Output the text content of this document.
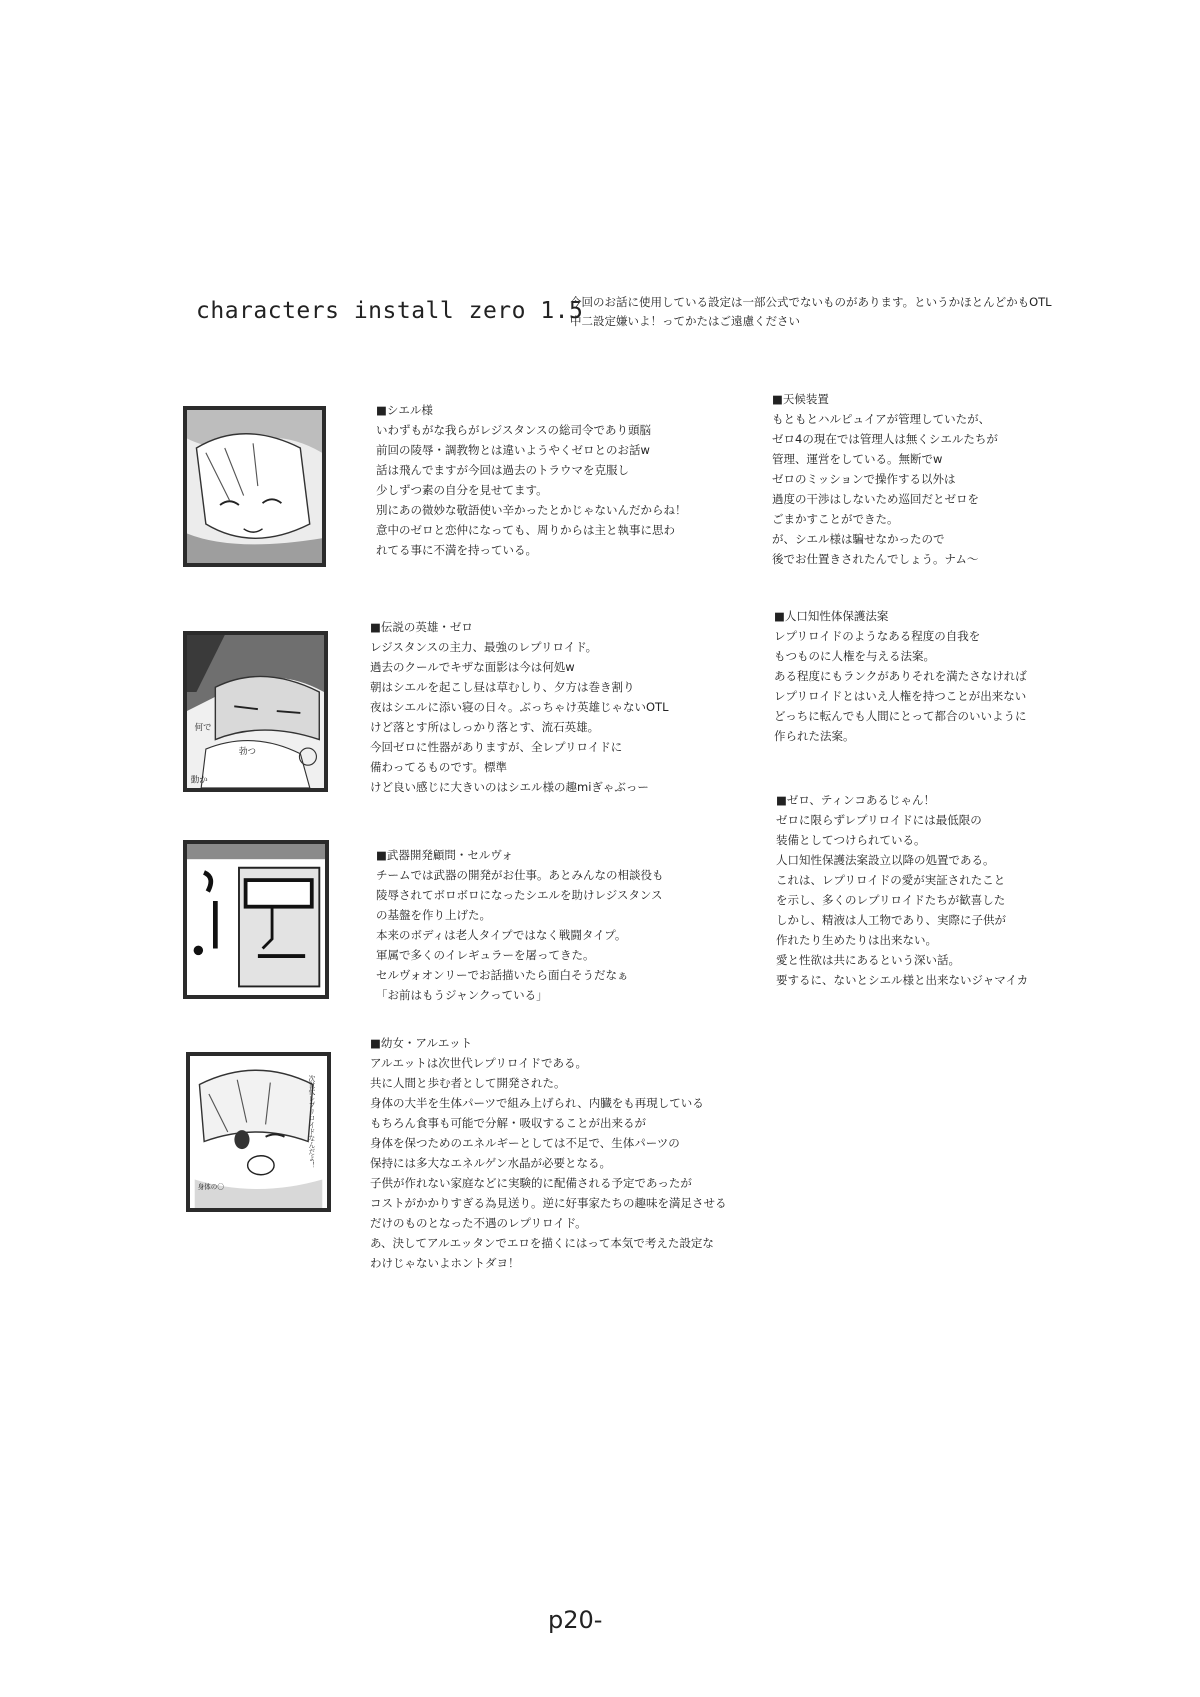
characters install zero 1.5

今回のお話に使用している設定は一部公式でないものがあります。というかほとんどかもOTL

中二設定嫌いよ！ってかたはご遠慮ください

何で
勃つ
動か
次世代レプリロイドなんだよ！
身体の〇

■シエル様

いわずもがな我らがレジスタンスの総司令であり頭脳

前回の陵辱・調教物とは違いようやくゼロとのお話w

話は飛んでますが今回は過去のトラウマを克服し

少しずつ素の自分を見せてます。

別にあの微妙な敬語使い辛かったとかじゃないんだからね！

意中のゼロと恋仲になっても、周りからは主と執事に思わ

れてる事に不満を持っている。

■伝説の英雄・ゼロ

レジスタンスの主力、最強のレプリロイド。

過去のクールでキザな面影は今は何処w

朝はシエルを起こし昼は草むしり、夕方は巻き割り

夜はシエルに添い寝の日々。ぶっちゃけ英雄じゃないOTL

けど落とす所はしっかり落とす、流石英雄。

今回ゼロに性器がありますが、全レプリロイドに

備わってるものです。標準

けど良い感じに大きいのはシエル様の趣miぎゃぶっー

■武器開発顧問・セルヴォ

チームでは武器の開発がお仕事。あとみんなの相談役も

陵辱されてボロボロになったシエルを助けレジスタンス

の基盤を作り上げた。

本来のボディは老人タイプではなく戦闘タイプ。

軍属で多くのイレギュラーを屠ってきた。

セルヴォオンリーでお話描いたら面白そうだなぁ

「お前はもうジャンクっている」

■幼女・アルエット

アルエットは次世代レプリロイドである。

共に人間と歩む者として開発された。

身体の大半を生体パーツで組み上げられ、内臓をも再現している

もちろん食事も可能で分解・吸収することが出来るが

身体を保つためのエネルギーとしては不足で、生体パーツの

保持には多大なエネルゲン水晶が必要となる。

子供が作れない家庭などに実験的に配備される予定であったが

コストがかかりすぎる為見送り。逆に好事家たちの趣味を満足させる

だけのものとなった不遇のレプリロイド。

あ、決してアルエッタンでエロを描くにはって本気で考えた設定な

わけじゃないよホントダヨ！

■天候装置

もともとハルピュイアが管理していたが、

ゼロ4の現在では管理人は無くシエルたちが

管理、運営をしている。無断でw

ゼロのミッションで操作する以外は

過度の干渉はしないため巡回だとゼロを

ごまかすことができた。

が、シエル様は騙せなかったので

後でお仕置きされたんでしょう。ナム〜

■人口知性体保護法案

レプリロイドのようなある程度の自我を

もつものに人権を与える法案。

ある程度にもランクがありそれを満たさなければ

レプリロイドとはいえ人権を持つことが出来ない

どっちに転んでも人間にとって都合のいいように

作られた法案。

■ゼロ、ティンコあるじゃん！

ゼロに限らずレプリロイドには最低限の

装備としてつけられている。

人口知性保護法案設立以降の処置である。

これは、レプリロイドの愛が実証されたこと

を示し、多くのレプリロイドたちが歓喜した

しかし、精液は人工物であり、実際に子供が

作れたり生めたりは出来ない。

愛と性欲は共にあるという深い話。

要するに、ないとシエル様と出来ないジャマイカ

p20-
